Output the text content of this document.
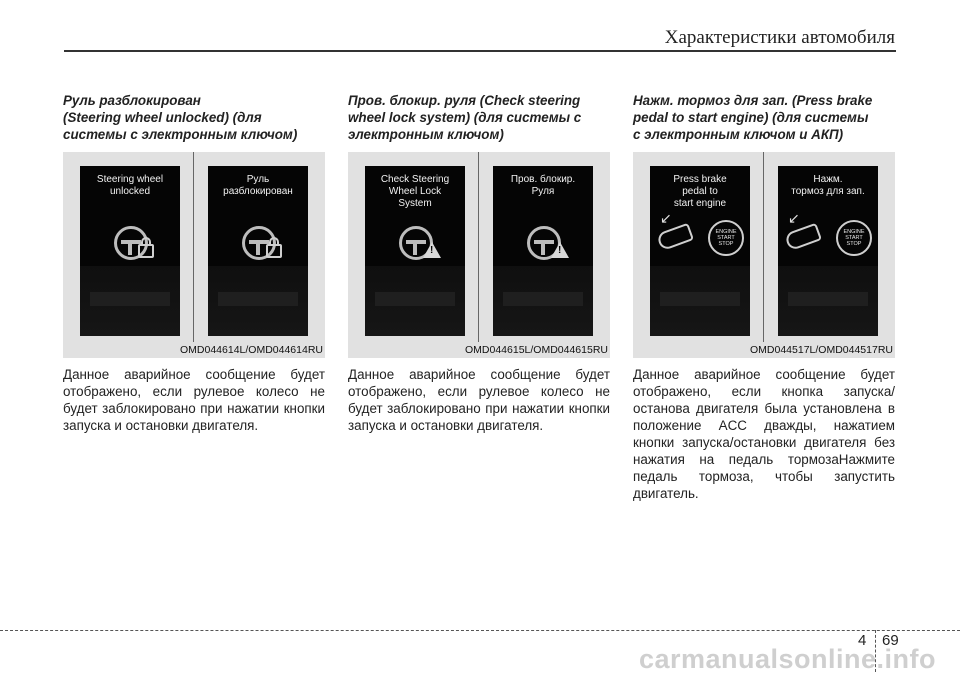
Характеристики автомобиля

Руль разблокирован
(Steering wheel unlocked) (для
системы с электронным ключом)

Steering wheel
unlocked
Руль
разблокирован
OMD044614L/OMD044614RU

Данное аварийное сообщение будет отображено, если рулевое колесо не будет заблокировано при нажатии кнопки запуска и остановки двигателя.

Пров. блокир. руля (Check steering
wheel lock system) (для системы с
электронным ключом)

Check Steering
Wheel Lock
System
!
Пров. блокир.
Руля
!
OMD044615L/OMD044615RU

Данное аварийное сообщение будет отображено, если рулевое колесо не будет заблокировано при нажатии кнопки запуска и остановки двигателя.

Нажм. тормоз для зап. (Press brake
pedal to start engine) (для системы
с электронным ключом и АКП)

Press brake
pedal to
start engine
↙
ENGINE
START
STOP
Нажм.
тормоз для зап.
↙
ENGINE
START
STOP
OMD044517L/OMD044517RU

Данное аварийное сообщение будет отображено, если кнопка запуска/останова двигателя была установлена в положение ACC дважды, нажатием кнопки запуска/остановки двигателя без нажатия на педаль тормозаНажмите педаль тормоза, чтобы запустить двигатель.

4 69
carmanualsonline.info
